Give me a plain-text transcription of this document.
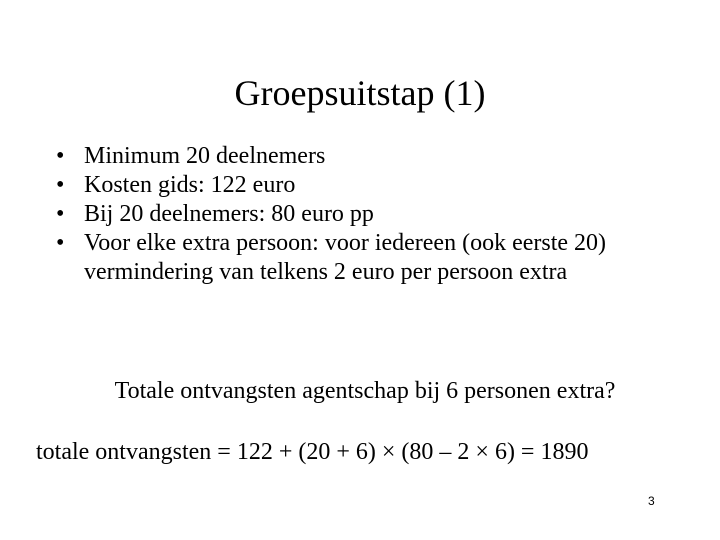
Groepsuitstap (1)
• Minimum 20 deelnemers
• Kosten gids: 122 euro
• Bij 20 deelnemers: 80 euro pp
• Voor elke extra persoon: voor iedereen (ook eerste 20) vermindering van telkens 2 euro per persoon extra
Totale ontvangsten agentschap bij 6 personen extra?
totale ontvangsten = 122 + (20 + 6) × (80 – 2 × 6) = 1890
3
